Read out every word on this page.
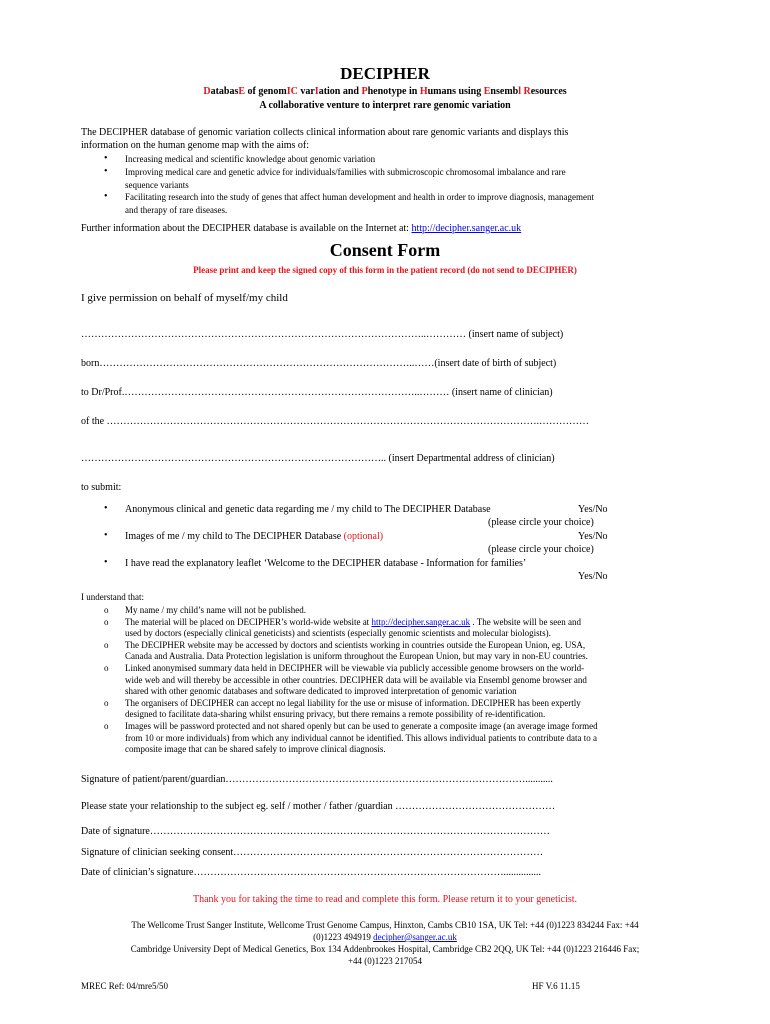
DECIPHER
DatabasE of genomIC varIation and Phenotype in Humans using Ensembl Resources
A collaborative venture to interpret rare genomic variation
The DECIPHER database of genomic variation collects clinical information about rare genomic variants and displays this
information on the human genome map with the aims of:
• Increasing medical and scientific knowledge about genomic variation
• Improving medical care and genetic advice for individuals/families with submicroscopic chromosomal imbalance and rare
sequence variants
• Facilitating research into the study of genes that affect human development and health in order to improve diagnosis, management
and therapy of rare diseases.
Further information about the DECIPHER database is available on the Internet at: http://decipher.sanger.ac.uk
Consent Form
Please print and keep the signed copy of this form in the patient record (do not send to DECIPHER)
I give permission on behalf of myself/my child
…………………………………………………………………………………………..………… (insert name of subject)
born…………………………………………………………………………………..……(insert date of birth of subject)
to Dr/Prof.……………………………………………………………………………..……… (insert name of clinician)
of the ………………………………………………………………………………………………………………….……………
……………………………………………………………………………….. (insert Departmental address of clinician)
to submit:
• Anonymous clinical and genetic data regarding me / my child to The DECIPHER Database	Yes/No
(please circle your choice)
• Images of me / my child to The DECIPHER Database (optional)	Yes/No
(please circle your choice)
• I have read the explanatory leaflet ‘Welcome to the DECIPHER database - Information for families’
Yes/No
I understand that:
o My name / my child’s name will not be published.
o The material will be placed on DECIPHER’s world-wide website at http://decipher.sanger.ac.uk . The website will be seen and
used by doctors (especially clinical geneticists) and scientists (especially genomic scientists and molecular biologists).
o The DECIPHER website may be accessed by doctors and scientists working in countries outside the European Union, eg. USA,
Canada and Australia. Data Protection legislation is uniform throughout the European Union, but may vary in non-EU countries.
o Linked anonymised summary data held in DECIPHER will be viewable via publicly accessible genome browsers on the world-
wide web and will thereby be accessible in other countries. DECIPHER data will be available via Ensembl genome browser and
shared with other genomic databases and software dedicated to improved interpretation of genomic variation
o The organisers of DECIPHER can accept no legal liability for the use or misuse of information. DECIPHER has been expertly
designed to facilitate data-sharing whilst ensuring privacy, but there remains a remote possibility of re-identification.
o Images will be password protected and not shared openly but can be used to generate a composite image (an average image formed
from 10 or more individuals) from which any individual cannot be identified. This allows individual patients to contribute data to a
composite image that can be shared safely to improve clinical diagnosis.
Signature of patient/parent/guardian………………………………………………………………………………...........
Please state your relationship to the subject eg. self / mother / father /guardian …………………………………………
Date of signature…………………………………………………………………………………………………………
Signature of clinician seeking consent…………………………………………………………………………………
Date of clinician’s signature…………………………………………………………………………………...............
Thank you for taking the time to read and complete this form. Please return it to your geneticist.
The Wellcome Trust Sanger Institute, Wellcome Trust Genome Campus, Hinxton, Cambs CB10 1SA, UK Tel: +44 (0)1223 834244 Fax: +44
(0)1223 494919 decipher@sanger.ac.uk
Cambridge University Dept of Medical Genetics, Box 134 Addenbrookes Hospital, Cambridge CB2 2QQ, UK Tel: +44 (0)1223 216446 Fax;
+44 (0)1223 217054
MREC Ref: 04/mre5/50	HF V.6 11.15
